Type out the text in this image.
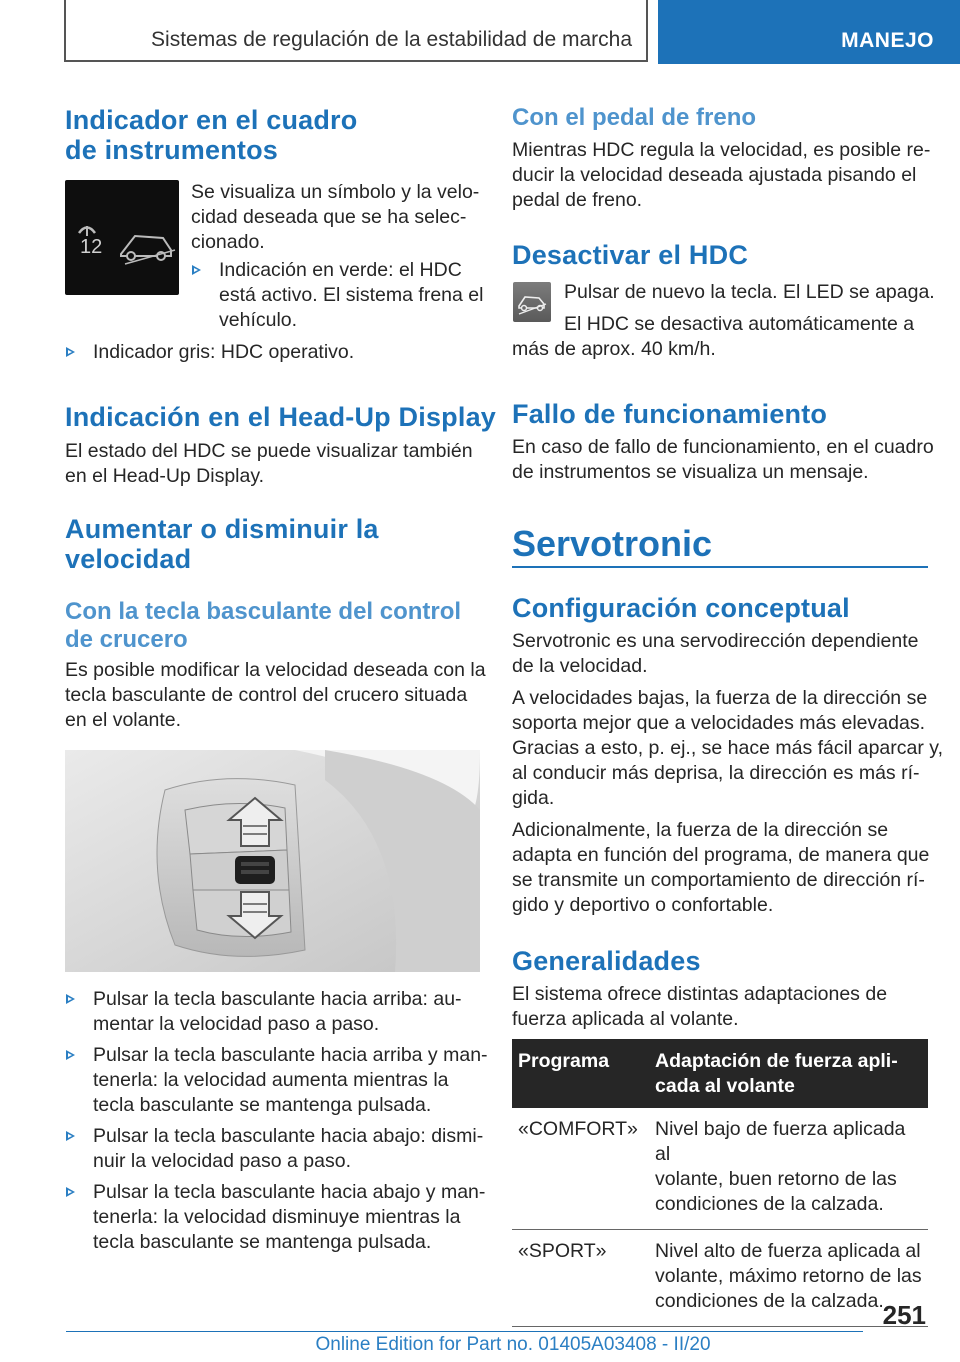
Sistemas de regulación de la estabilidad de marcha	MANEJO
Indicador en el cuadro
de instrumentos
12
Se visualiza un símbolo y la velo-
cidad deseada que se ha selec-
cionado.
Indicación en verde: el HDC
está activo. El sistema frena el
vehículo.
Indicador gris: HDC operativo.
Indicación en el Head-Up Display
El estado del HDC se puede visualizar también
en el Head-Up Display.
Aumentar o disminuir la
velocidad
Con la tecla basculante del control
de crucero
Es posible modificar la velocidad deseada con la
tecla basculante de control del crucero situada
en el volante.
Pulsar la tecla basculante hacia arriba: au-
mentar la velocidad paso a paso.
Pulsar la tecla basculante hacia arriba y man-
tenerla: la velocidad aumenta mientras la
tecla basculante se mantenga pulsada.
Pulsar la tecla basculante hacia abajo: dismi-
nuir la velocidad paso a paso.
Pulsar la tecla basculante hacia abajo y man-
tenerla: la velocidad disminuye mientras la
tecla basculante se mantenga pulsada.
Con el pedal de freno
Mientras HDC regula la velocidad, es posible re-
ducir la velocidad deseada ajustada pisando el
pedal de freno.
Desactivar el HDC
Pulsar de nuevo la tecla. El LED se apaga.
El HDC se desactiva automáticamente a
más de aprox. 40 km/h.
Fallo de funcionamiento
En caso de fallo de funcionamiento, en el cuadro
de instrumentos se visualiza un mensaje.
Servotronic
Configuración conceptual
Servotronic es una servodirección dependiente
de la velocidad.
A velocidades bajas, la fuerza de la dirección se
soporta mejor que a velocidades más elevadas.
Gracias a esto, p. ej., se hace más fácil aparcar y,
al conducir más deprisa, la dirección es más rí-
gida.
Adicionalmente, la fuerza de la dirección se
adapta en función del programa, de manera que
se transmite un comportamiento de dirección rí-
gido y deportivo o confortable.
Generalidades
El sistema ofrece distintas adaptaciones de
fuerza aplicada al volante.
Programa	Adaptación de fuerza apli-
cada al volante
«COMFORT»	Nivel bajo de fuerza aplicada al
volante, buen retorno de las
condiciones de la calzada.
«SPORT»	Nivel alto de fuerza aplicada al
volante, máximo retorno de las
condiciones de la calzada.
251
Online Edition for Part no. 01405A03408 - II/20
